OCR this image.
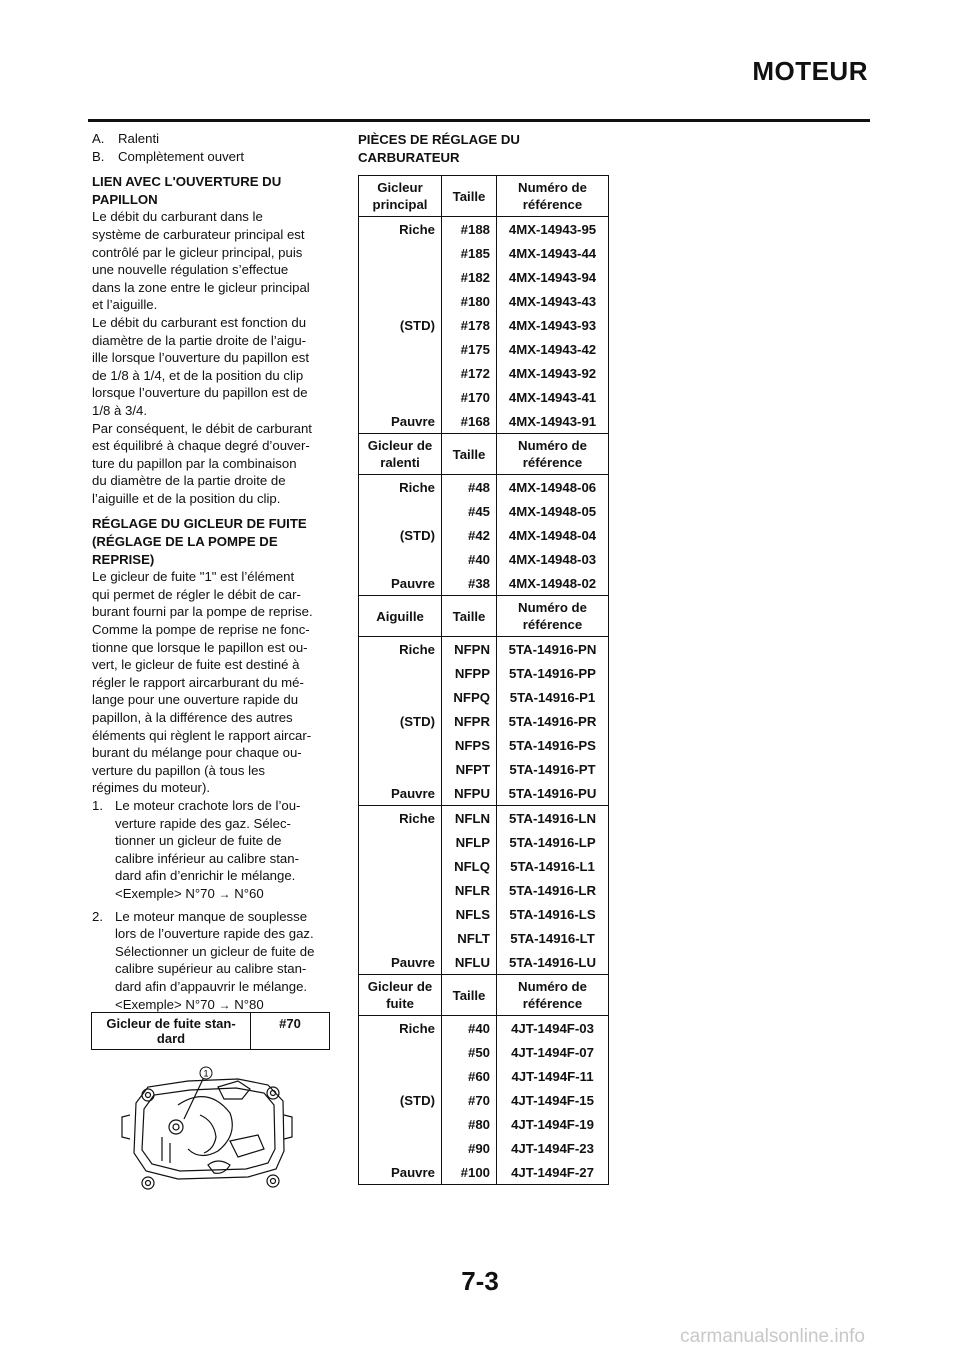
MOTEUR

A. Ralenti

B. Complètement ouvert

LIEN AVEC L'OUVERTURE DU
PAPILLON

Le débit du carburant dans le
système de carburateur principal est
contrôlé par le gicleur principal, puis
une nouvelle régulation s’effectue
dans la zone entre le gicleur principal
et l’aiguille.
Le débit du carburant est fonction du
diamètre de la partie droite de l’aigu-
ille lorsque l’ouverture du papillon est
de 1/8 à 1/4, et de la position du clip
lorsque l’ouverture du papillon est de
1/8 à 3/4.
Par conséquent, le débit de carburant
est équilibré à chaque degré d’ouver-
ture du papillon par la combinaison
du diamètre de la partie droite de
l’aiguille et de la position du clip.

RÉGLAGE DU GICLEUR DE FUITE
(RÉGLAGE DE LA POMPE DE
REPRISE)

Le gicleur de fuite "1" est l’élément
qui permet de régler le débit de car-
burant fourni par la pompe de reprise.
Comme la pompe de reprise ne fonc-
tionne que lorsque le papillon est ou-
vert, le gicleur de fuite est destiné à
régler le rapport aircarburant du mé-
lange pour une ouverture rapide du
papillon, à la différence des autres
éléments qui règlent le rapport aircar-
burant du mélange pour chaque ou-
verture du papillon (à tous les
régimes du moteur).

1. Le moteur crachote lors de l’ou-
verture rapide des gaz. Sélec-
tionner un gicleur de fuite de
calibre inférieur au calibre stan-
dard afin d’enrichir le mélange.
<Exemple> N°70 → N°60

2. Le moteur manque de souplesse
lors de l’ouverture rapide des gaz.
Sélectionner un gicleur de fuite de
calibre supérieur au calibre stan-
dard afin d’appauvrir le mélange.
<Exemple> N°70 → N°80

Gicleur de fuite stan-
dard	#70
1
PIÈCES DE RÉGLAGE DU
CARBURATEUR
Gicleur
principal	Taille	Numéro de
référence
Riche	#188	4MX-14943-95
	#185	4MX-14943-44
	#182	4MX-14943-94
	#180	4MX-14943-43
(STD)	#178	4MX-14943-93
	#175	4MX-14943-42
	#172	4MX-14943-92
	#170	4MX-14943-41
Pauvre	#168	4MX-14943-91
Gicleur de
ralenti	Taille	Numéro de
référence
Riche	#48	4MX-14948-06
	#45	4MX-14948-05
(STD)	#42	4MX-14948-04
	#40	4MX-14948-03
Pauvre	#38	4MX-14948-02
Aiguille	Taille	Numéro de
référence
Riche	NFPN	5TA-14916-PN
	NFPP	5TA-14916-PP
	NFPQ	5TA-14916-P1
(STD)	NFPR	5TA-14916-PR
	NFPS	5TA-14916-PS
	NFPT	5TA-14916-PT
Pauvre	NFPU	5TA-14916-PU
Riche	NFLN	5TA-14916-LN
	NFLP	5TA-14916-LP
	NFLQ	5TA-14916-L1
	NFLR	5TA-14916-LR
	NFLS	5TA-14916-LS
	NFLT	5TA-14916-LT
Pauvre	NFLU	5TA-14916-LU
Gicleur de
fuite	Taille	Numéro de
référence
Riche	#40	4JT-1494F-03
	#50	4JT-1494F-07
	#60	4JT-1494F-11
(STD)	#70	4JT-1494F-15
	#80	4JT-1494F-19
	#90	4JT-1494F-23
Pauvre	#100	4JT-1494F-27
7-3
carmanualsonline.info
